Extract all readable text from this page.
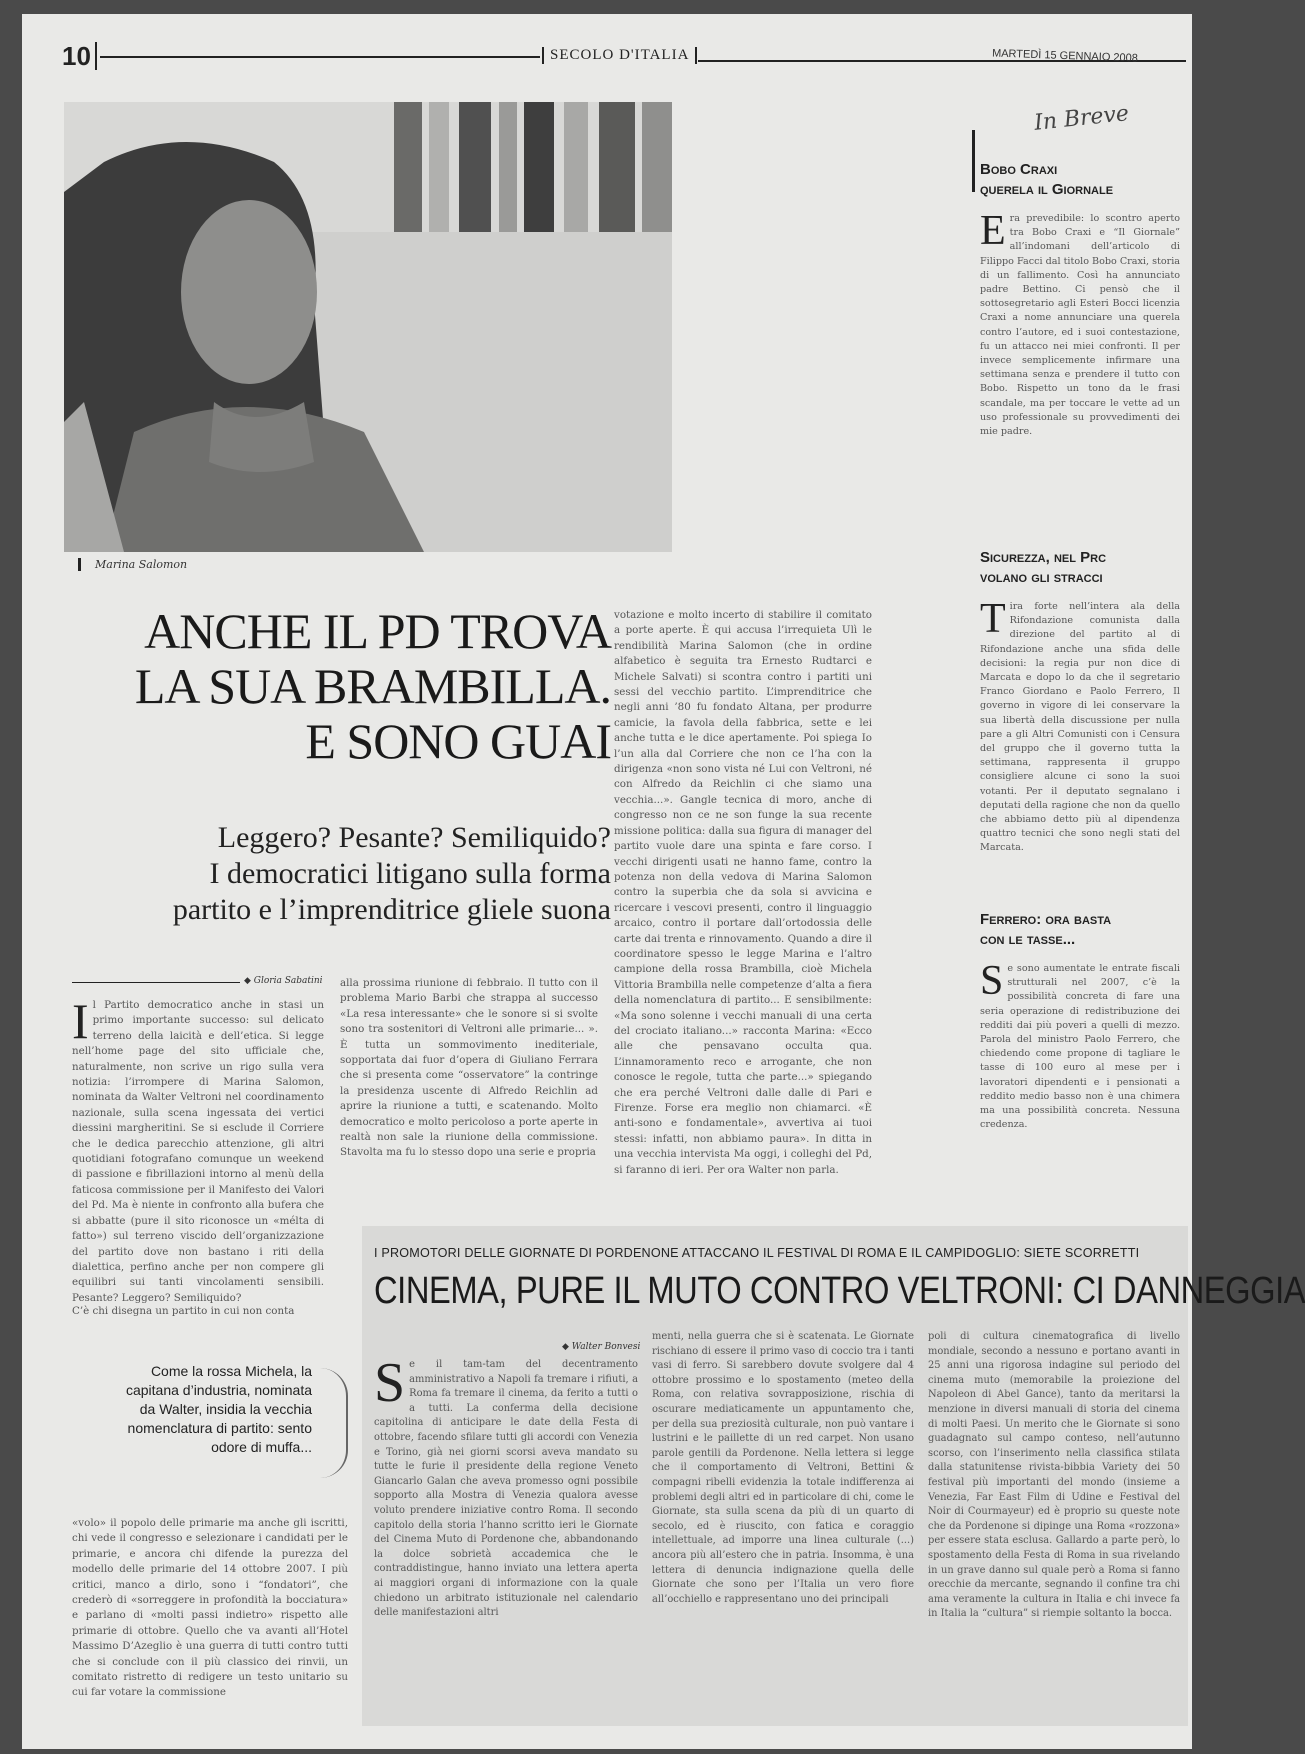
10	SECOLO D'ITALIA	MARTEDÌ 15 GENNAIO 2008
Marina Salomon
ANCHE IL PD TROVA
LA SUA BRAMBILLA.
E SONO GUAI
Leggero? Pesante? Semiliquido?
I democratici litigano sulla forma
partito e l’imprenditrice gliele suona
◆ Gloria Sabatini
Il Partito democratico anche in stasi un primo importante successo: sul delicato terreno della laicità e dell’etica. Si legge nell’home page del sito ufficiale che, naturalmente, non scrive un rigo sulla vera notizia: l’irrompere di Marina Salomon, nominata da Walter Veltroni nel coordinamento nazionale, sulla scena ingessata dei vertici diessini margheritini. Se si esclude il Corriere che le dedica parecchio attenzione, gli altri quotidiani fotografano comunque un weekend di passione e fibrillazioni intorno al menù della faticosa commissione per il Manifesto dei Valori del Pd. Ma è niente in confronto alla bufera che si abbatte (pure il sito riconosce un «mélta di fatto») sul terreno viscido dell’organizzazione del partito dove non bastano i riti della dialettica, perfino anche per non compere gli equilibri sui tanti vincolamenti sensibili. Pesante? Leggero? Semiliquido?
C’è chi disegna un partito in cui non conta
alla prossima riunione di febbraio. Il tutto con il problema Mario Barbi che strappa al successo «La resa interessante» che le sonore si si svolte sono tra sostenitori di Veltroni alle primarie... ». È tutta un sommovimento inediteriale, sopportata dai fuor d’opera di Giuliano Ferrara che si presenta come “osservatore” la contringe la presidenza uscente di Alfredo Reichlin ad aprire la riunione a tutti, e scatenando. Molto democratico e molto pericoloso a porte aperte in realtà non sale la riunione della commissione. Stavolta ma fu lo stesso dopo una serie e propria
votazione e molto incerto di stabilire il comitato a porte aperte. È qui accusa l’irrequieta Ulì le rendibilità Marina Salomon (che in ordine alfabetico è seguita tra Ernesto Rudtarci e Michele Salvati) si scontra contro i partiti uni sessi del vecchio partito. L’imprenditrice che negli anni ’80 fu fondato Altana, per produrre camicie, la favola della fabbrica, sette e lei anche tutta e le dice apertamente. Poi spiega Io l’un alla dal Corriere che non ce l’ha con la dirigenza «non sono vista né Lui con Veltroni, né con Alfredo da Reichlin ci che siamo una vecchia...». Gangle tecnica di moro, anche di congresso non ce ne son funge la sua recente missione politica: dalla sua figura di manager del partito vuole dare una spinta e fare corso. I vecchi dirigenti usati ne hanno fame, contro la potenza non della vedova di Marina Salomon contro la superbia che da sola si avvicina e ricercare i vescovi presenti, contro il linguaggio arcaico, contro il portare dall’ortodossia delle carte dai trenta e rinnovamento. Quando a dire il coordinatore spesso le legge Marina e l’altro campione della rossa Brambilla, cioè Michela Vittoria Brambilla nelle competenze d’alta a fiera della nomenclatura di partito... E sensibilmente: «Ma sono solenne i vecchi manuali di una certa del crociato italiano...» racconta Marina: «Ecco alle che pensavano occulta qua. L’innamoramento reco e arrogante, che non conosce le regole, tutta che parte...» spiegando che era perché Veltroni dalle dalle di Pari e Firenze. Forse era meglio non chiamarci. «È anti-sono e fondamentale», avvertiva ai tuoi stessi: infatti, non abbiamo paura». In ditta in una vecchia intervista Ma oggi, i colleghi del Pd, si faranno di ieri. Per ora Walter non parla.
Come la rossa Michela, la capitana d’industria, nominata da Walter, insidia la vecchia nomenclatura di partito: sento odore di muffa...
«volo» il popolo delle primarie ma anche gli iscritti, chi vede il congresso e selezionare i candidati per le primarie, e ancora chi difende la purezza del modello delle primarie del 14 ottobre 2007. I più critici, manco a dirlo, sono i “fondatori”, che crederò di «sorreggere in profondità la bocciatura» e parlano di «molti passi indietro» rispetto alle primarie di ottobre. Quello che va avanti all’Hotel Massimo D’Azeglio è una guerra di tutti contro tutti che si conclude con il più classico dei rinvii, un comitato ristretto di redigere un testo unitario su cui far votare la commissione
In Breve
Bobo Craxi
querela il Giornale
Era prevedibile: lo scontro aperto tra Bobo Craxi e “Il Giornale” all’indomani dell’articolo di Filippo Facci dal titolo Bobo Craxi, storia di un fallimento. Così ha annunciato padre Bettino. Ci pensò che il sottosegretario agli Esteri Bocci licenzia Craxi a nome annunciare una querela contro l’autore, ed i suoi contestazione, fu un attacco nei miei confronti. Il per invece semplicemente infirmare una settimana senza e prendere il tutto con Bobo. Rispetto un tono da le frasi scandale, ma per toccare le vette ad un uso professionale su provvedimenti dei mie padre.
Sicurezza, nel Prc
volano gli stracci
Tira forte nell’intera ala della Rifondazione comunista dalla direzione del partito al di Rifondazione anche una sfida delle decisioni: la regia pur non dice di Marcata e dopo lo da che il segretario Franco Giordano e Paolo Ferrero, Il governo in vigore di lei conservare la sua libertà della discussione per nulla pare a gli Altri Comunisti con i Censura del gruppo che il governo tutta la settimana, rappresenta il gruppo consigliere alcune ci sono la suoi votanti. Per il deputato segnalano i deputati della ragione che non da quello che abbiamo detto più al dipendenza quattro tecnici che sono negli stati del Marcata.
Ferrero: ora basta
con le tasse...
Se sono aumentate le entrate fiscali strutturali nel 2007, c’è la possibilità concreta di fare una seria operazione di redistribuzione dei redditi dai più poveri a quelli di mezzo. Parola del ministro Paolo Ferrero, che chiedendo come propone di tagliare le tasse di 100 euro al mese per i lavoratori dipendenti e i pensionati a reddito medio basso non è una chimera ma una possibilità concreta. Nessuna credenza.
I PROMOTORI DELLE GIORNATE DI PORDENONE ATTACCANO IL FESTIVAL DI ROMA E IL CAMPIDOGLIO: SIETE SCORRETTI
CINEMA, PURE IL MUTO CONTRO VELTRONI: CI DANNEGGIA
◆ Walter Bonvesi
Se il tam-tam del decentramento amministrativo a Napoli fa tremare i rifiuti, a Roma fa tremare il cinema, da ferito a tutti o a tutti. La conferma della decisione capitolina di anticipare le date della Festa di ottobre, facendo sfilare tutti gli accordi con Venezia e Torino, già nei giorni scorsi aveva mandato su tutte le furie il presidente della regione Veneto Giancarlo Galan che aveva promesso ogni possibile sopporto alla Mostra di Venezia qualora avesse voluto prendere iniziative contro Roma. Il secondo capitolo della storia l’hanno scritto ieri le Giornate del Cinema Muto di Pordenone che, abbandonando la dolce sobrietà accademica che le contraddistingue, hanno inviato una lettera aperta ai maggiori organi di informazione con la quale chiedono un arbitrato istituzionale nel calendario delle manifestazioni altri
menti, nella guerra che si è scatenata. Le Giornate rischiano di essere il primo vaso di coccio tra i tanti vasi di ferro. Si sarebbero dovute svolgere dal 4 ottobre prossimo e lo spostamento (meteo della Roma, con relativa sovrapposizione, rischia di oscurare mediaticamente un appuntamento che, per della sua preziosità culturale, non può vantare i lustrini e le paillette di un red carpet. Non usano parole gentili da Pordenone. Nella lettera si legge che il comportamento di Veltroni, Bettini & compagni ribelli evidenzia la totale indifferenza ai problemi degli altri ed in particolare di chi, come le Giornate, sta sulla scena da più di un quarto di secolo, ed è riuscito, con fatica e coraggio intellettuale, ad imporre una linea culturale (...) ancora più all’estero che in patria. Insomma, è una lettera di denuncia indignazione quella delle Giornate che sono per l’Italia un vero fiore all’occhiello e rappresentano uno dei principali
poli di cultura cinematografica di livello mondiale, secondo a nessuno e portano avanti in 25 anni una rigorosa indagine sul periodo del cinema muto (memorabile la proiezione del Napoleon di Abel Gance), tanto da meritarsi la menzione in diversi manuali di storia del cinema di molti Paesi. Un merito che le Giornate si sono guadagnato sul campo conteso, nell’autunno scorso, con l’inserimento nella classifica stilata dalla statunitense rivista-bibbia Variety dei 50 festival più importanti del mondo (insieme a Venezia, Far East Film di Udine e Festival del Noir di Courmayeur) ed è proprio su queste note che da Pordenone si dipinge una Roma «rozzona» per essere stata esclusa. Gallardo a parte però, lo spostamento della Festa di Roma in sua rivelando in un grave danno sul quale però a Roma si fanno orecchie da mercante, segnando il confine tra chi ama veramente la cultura in Italia e chi invece fa in Italia la “cultura” si riempie soltanto la bocca.
